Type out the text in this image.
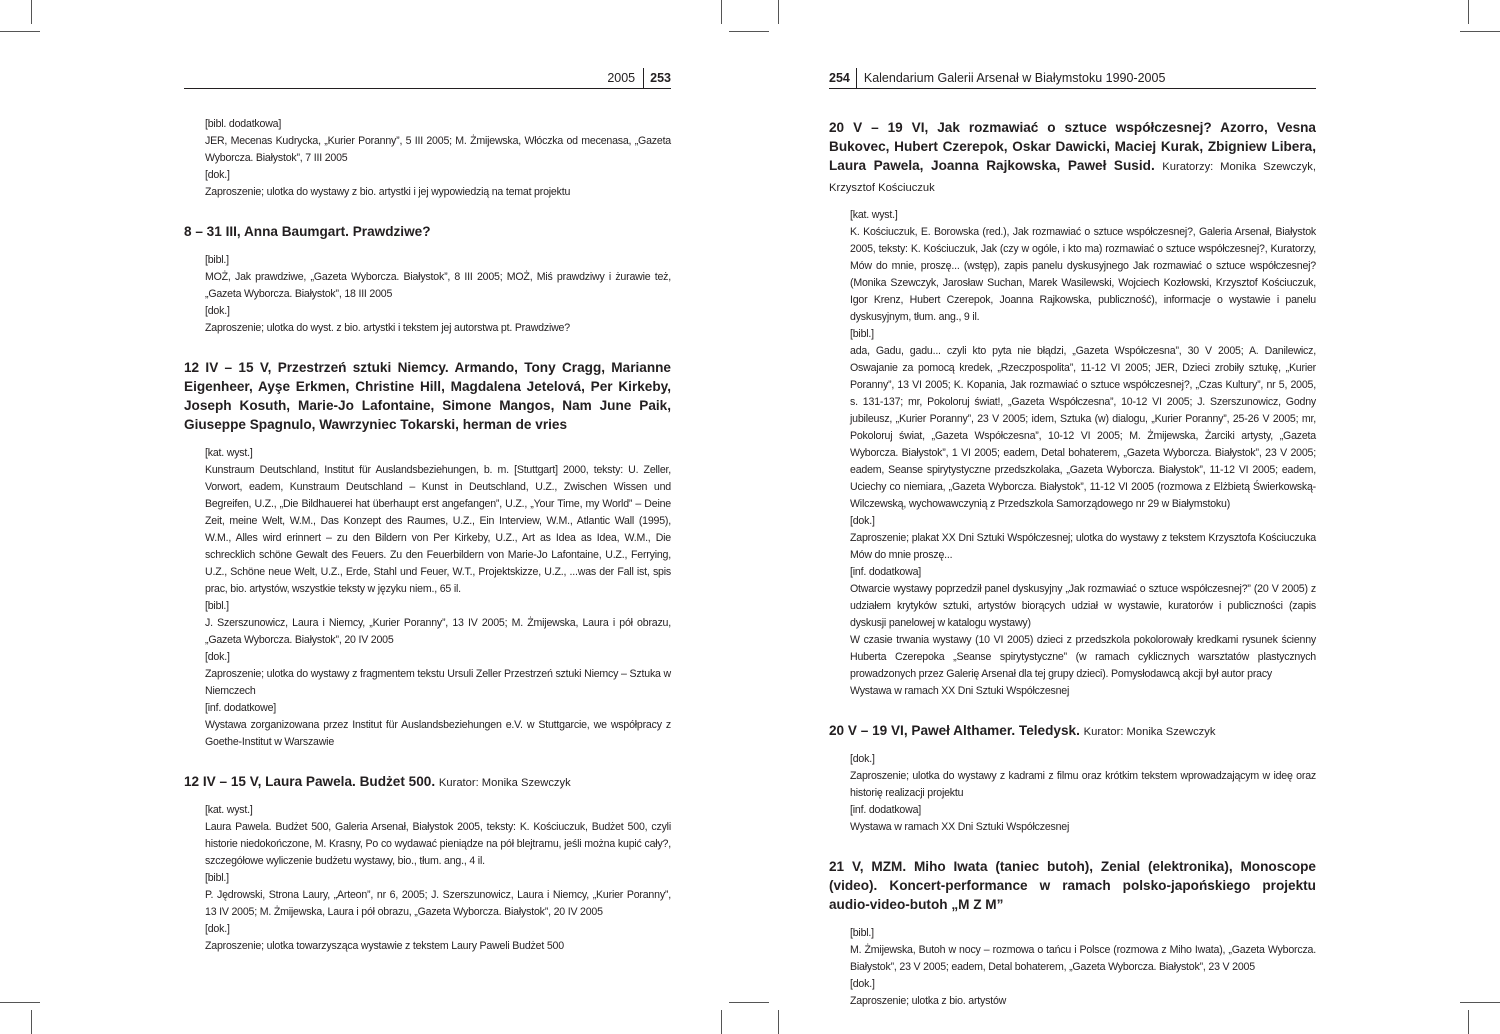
2005	253

[bibl. dodatkowa]

JER, Mecenas Kudrycka, „Kurier Poranny”, 5 III 2005; M. Żmijewska, Włóczka od mecenasa, „Gazeta Wyborcza. Białystok”, 7 III 2005

[dok.]

Zaproszenie; ulotka do wystawy z bio. artystki i jej wypowiedzią na temat projektu

8 – 31 III, Anna Baumgart. Prawdziwe?

[bibl.]

MOŻ, Jak prawdziwe, „Gazeta Wyborcza. Białystok”, 8 III 2005; MOŻ, Miś prawdziwy i żurawie też, „Gazeta Wyborcza. Białystok”, 18 III 2005

[dok.]

Zaproszenie; ulotka do wyst. z bio. artystki i tekstem jej autorstwa pt. Prawdziwe?

12 IV – 15 V, Przestrzeń sztuki Niemcy. Armando, Tony Cragg, Marianne Eigenheer, Ayşe Erkmen, Christine Hill, Magdalena Jetelová, Per Kirkeby, Joseph Kosuth, Marie-Jo Lafontaine, Simone Mangos, Nam June Paik, Giuseppe Spagnulo, Wawrzyniec Tokarski, herman de vries

[kat. wyst.]

Kunstraum Deutschland, Institut für Auslandsbeziehungen, b. m. [Stuttgart] 2000, teksty: U. Zeller, Vorwort, eadem, Kunstraum Deutschland – Kunst in Deutschland, U.Z., Zwischen Wissen und Begreifen, U.Z., „Die Bildhauerei hat überhaupt erst angefangen”, U.Z., „Your Time, my World” – Deine Zeit, meine Welt, W.M., Das Konzept des Raumes, U.Z., Ein Interview, W.M., Atlantic Wall (1995), W.M., Alles wird erinnert – zu den Bildern von Per Kirkeby, U.Z., Art as Idea as Idea, W.M., Die schrecklich schöne Gewalt des Feuers. Zu den Feuerbildern von Marie-Jo Lafontaine, U.Z., Ferrying, U.Z., Schöne neue Welt, U.Z., Erde, Stahl und Feuer, W.T., Projektskizze, U.Z., ...was der Fall ist, spis prac, bio. artystów, wszystkie teksty w języku niem., 65 il.

[bibl.]

J. Szerszunowicz, Laura i Niemcy, „Kurier Poranny”, 13 IV 2005; M. Żmijewska, Laura i pół obrazu, „Gazeta Wyborcza. Białystok”, 20 IV 2005

[dok.]

Zaproszenie; ulotka do wystawy z fragmentem tekstu Ursuli Zeller Przestrzeń sztuki Niemcy – Sztuka w Niemczech

[inf. dodatkowe]

Wystawa zorganizowana przez Institut für Auslandsbeziehungen e.V. w Stuttgarcie, we współpracy z Goethe-Institut w Warszawie

12 IV – 15 V, Laura Pawela. Budżet 500. Kurator: Monika Szewczyk

[kat. wyst.]

Laura Pawela. Budżet 500, Galeria Arsenał, Białystok 2005, teksty: K. Kościuczuk, Budżet 500, czyli historie niedokończone, M. Krasny, Po co wydawać pieniądze na pół blejtramu, jeśli można kupić cały?, szczegółowe wyliczenie budżetu wystawy, bio., tłum. ang., 4 il.

[bibl.]

P. Jędrowski, Strona Laury, „Arteon”, nr 6, 2005; J. Szerszunowicz, Laura i Niemcy, „Kurier Poranny”, 13 IV 2005; M. Żmijewska, Laura i pół obrazu, „Gazeta Wyborcza. Białystok”, 20 IV 2005

[dok.]

Zaproszenie; ulotka towarzysząca wystawie z tekstem Laury Paweli Budżet 500

254	Kalendarium Galerii Arsenał w Białymstoku 1990-2005
20 V – 19 VI, Jak rozmawiać o sztuce współczesnej? Azorro, Vesna Bukovec, Hubert Czerepok, Oskar Dawicki, Maciej Kurak, Zbigniew Libera, Laura Pawela, Joanna Rajkowska, Paweł Susid. Kuratorzy: Monika Szewczyk, Krzysztof Kościuczuk

[kat. wyst.]

K. Kościuczuk, E. Borowska (red.), Jak rozmawiać o sztuce współczesnej?, Galeria Arsenał, Białystok 2005, teksty: K. Kościuczuk, Jak (czy w ogóle, i kto ma) rozmawiać o sztuce współczesnej?, Kuratorzy, Mów do mnie, proszę... (wstęp), zapis panelu dyskusyjnego Jak rozmawiać o sztuce współczesnej? (Monika Szewczyk, Jarosław Suchan, Marek Wasilewski, Wojciech Kozłowski, Krzysztof Kościuczuk, Igor Krenz, Hubert Czerepok, Joanna Rajkowska, publiczność), informacje o wystawie i panelu dyskusyjnym, tłum. ang., 9 il.

[bibl.]

ada, Gadu, gadu... czyli kto pyta nie błądzi, „Gazeta Współczesna”, 30 V 2005; A. Danilewicz, Oswajanie za pomocą kredek, „Rzeczpospolita”, 11-12 VI 2005; JER, Dzieci zrobiły sztukę, „Kurier Poranny”, 13 VI 2005; K. Kopania, Jak rozmawiać o sztuce współczesnej?, „Czas Kultury”, nr 5, 2005, s. 131-137; mr, Pokoloruj świat!, „Gazeta Współczesna”, 10-12 VI 2005; J. Szerszunowicz, Godny jubileusz, „Kurier Poranny”, 23 V 2005; idem, Sztuka (w) dialogu, „Kurier Poranny”, 25-26 V 2005; mr, Pokoloruj świat, „Gazeta Współczesna”, 10-12 VI 2005; M. Żmijewska, Żarciki artysty, „Gazeta Wyborcza. Białystok”, 1 VI 2005; eadem, Detal bohaterem, „Gazeta Wyborcza. Białystok”, 23 V 2005; eadem, Seanse spirytystyczne przedszkolaka, „Gazeta Wyborcza. Białystok”, 11-12 VI 2005; eadem, Uciechy co niemiara, „Gazeta Wyborcza. Białystok”, 11-12 VI 2005 (rozmowa z Elżbietą Świerkowską-Wilczewską, wychowawczynią z Przedszkola Samorządowego nr 29 w Białymstoku)

[dok.]

Zaproszenie; plakat XX Dni Sztuki Współczesnej; ulotka do wystawy z tekstem Krzysztofa Kościuczuka Mów do mnie proszę...

[inf. dodatkowa]

Otwarcie wystawy poprzedził panel dyskusyjny „Jak rozmawiać o sztuce współczesnej?” (20 V 2005) z udziałem krytyków sztuki, artystów biorących udział w wystawie, kuratorów i publiczności (zapis dyskusji panelowej w katalogu wystawy)

W czasie trwania wystawy (10 VI 2005) dzieci z przedszkola pokolorowały kredkami rysunek ścienny Huberta Czerepoka „Seanse spirytystyczne” (w ramach cyklicznych warsztatów plastycznych prowadzonych przez Galerię Arsenał dla tej grupy dzieci). Pomysłodawcą akcji był autor pracy

Wystawa w ramach XX Dni Sztuki Współczesnej

20 V – 19 VI, Paweł Althamer. Teledysk. Kurator: Monika Szewczyk

[dok.]

Zaproszenie; ulotka do wystawy z kadrami z filmu oraz krótkim tekstem wprowadzającym w ideę oraz historię realizacji projektu

[inf. dodatkowa]

Wystawa w ramach XX Dni Sztuki Współczesnej

21 V, MZM. Miho Iwata (taniec butoh), Zenial (elektronika), Monoscope (video). Koncert-performance w ramach polsko-japońskiego projektu audio-video-butoh „M Z M”

[bibl.]

M. Żmijewska, Butoh w nocy – rozmowa o tańcu i Polsce (rozmowa z Miho Iwata), „Gazeta Wyborcza. Białystok”, 23 V 2005; eadem, Detal bohaterem, „Gazeta Wyborcza. Białystok”, 23 V 2005

[dok.]

Zaproszenie; ulotka z bio. artystów
